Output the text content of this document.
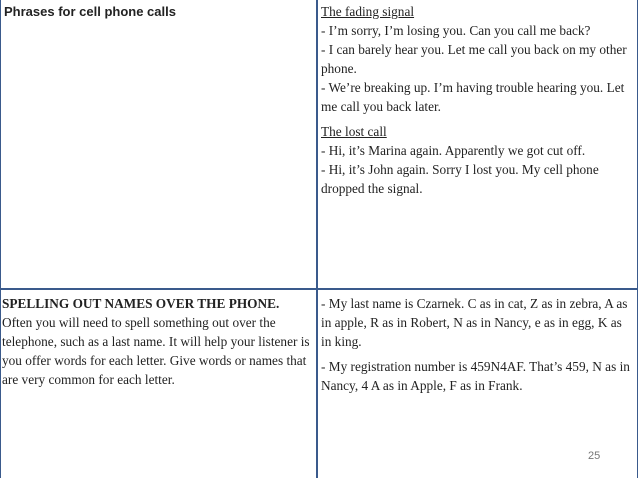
Phrases for cell phone calls	The fading signal
- I’m sorry, I’m losing you. Can you call me back?
- I can barely hear you. Let me call you back on my other phone.
- We’re breaking up. I’m having trouble hearing you. Let me call you back later.
The lost call
- Hi, it’s Marina again. Apparently we got cut off.
- Hi, it’s John again. Sorry I lost you. My cell phone dropped the signal.
SPELLING OUT NAMES OVER THE PHONE.
Often you will need to spell something out over the telephone, such as a last name. It will help your listener is you offer words for each letter. Give words or names that are very common for each letter.
- My last name is Czarnek. C as in cat, Z as in zebra, A as in apple, R as in Robert, N as in Nancy, e as in egg, K as in king.
- My registration number is 459N4AF. That’s 459, N as in Nancy, 4 A as in Apple, F as in Frank.
25
